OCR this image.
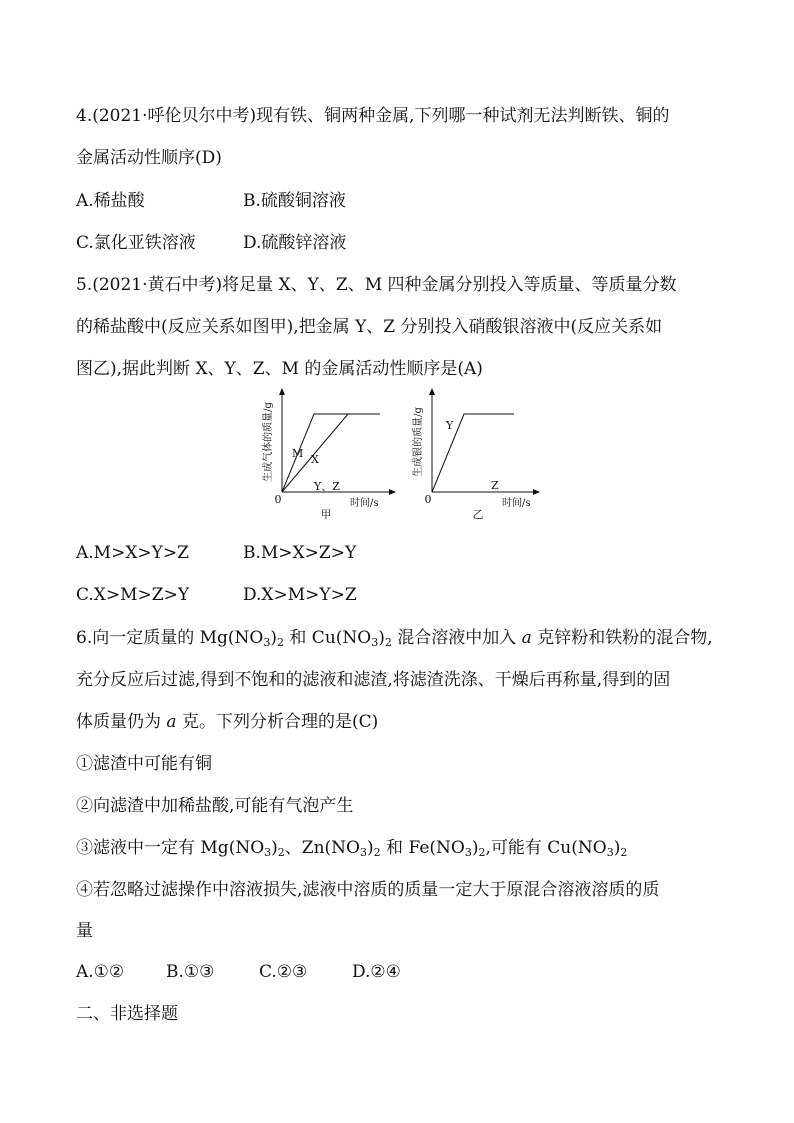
4.(2021·呼伦贝尔中考)现有铁、铜两种金属,下列哪一种试剂无法判断铁、铜的
金属活动性顺序(D)
A.稀盐酸	B.硫酸铜溶液
C.氯化亚铁溶液	D.硫酸锌溶液
5.(2021·黄石中考)将足量 X、Y、Z、M 四种金属分别投入等质量、等质量分数
的稀盐酸中(反应关系如图甲),把金属 Y、Z 分别投入硝酸银溶液中(反应关系如
图乙),据此判断 X、Y、Z、M 的金属活动性顺序是(A)
生成气体的质量/g
0
M X
Y、Z
时间/s
甲
生成银的质量/g
0
Y
Z
时间/s
乙
A.M>X>Y>Z	B.M>X>Z>Y
C.X>M>Z>Y	D.X>M>Y>Z
6.向一定质量的 $Mg(NO_3)_2$ 和 $Cu(NO_3)_2$ 混合溶液中加入 a 克锌粉和铁粉的混合物,
充分反应后过滤,得到不饱和的滤液和滤渣,将滤渣洗涤、干燥后再称量,得到的固
体质量仍为 a 克。下列分析合理的是(C)
①滤渣中可能有铜
②向滤渣中加稀盐酸,可能有气泡产生
③滤液中一定有 $Mg(NO_3)_2$、$Zn(NO_3)_2$ 和 $Fe(NO_3)_2$,可能有 $Cu(NO_3)_2$
④若忽略过滤操作中溶液损失,滤液中溶质的质量一定大于原混合溶液溶质的质
量
A.①② B.①③	C.②③	D.②④
二、非选择题
